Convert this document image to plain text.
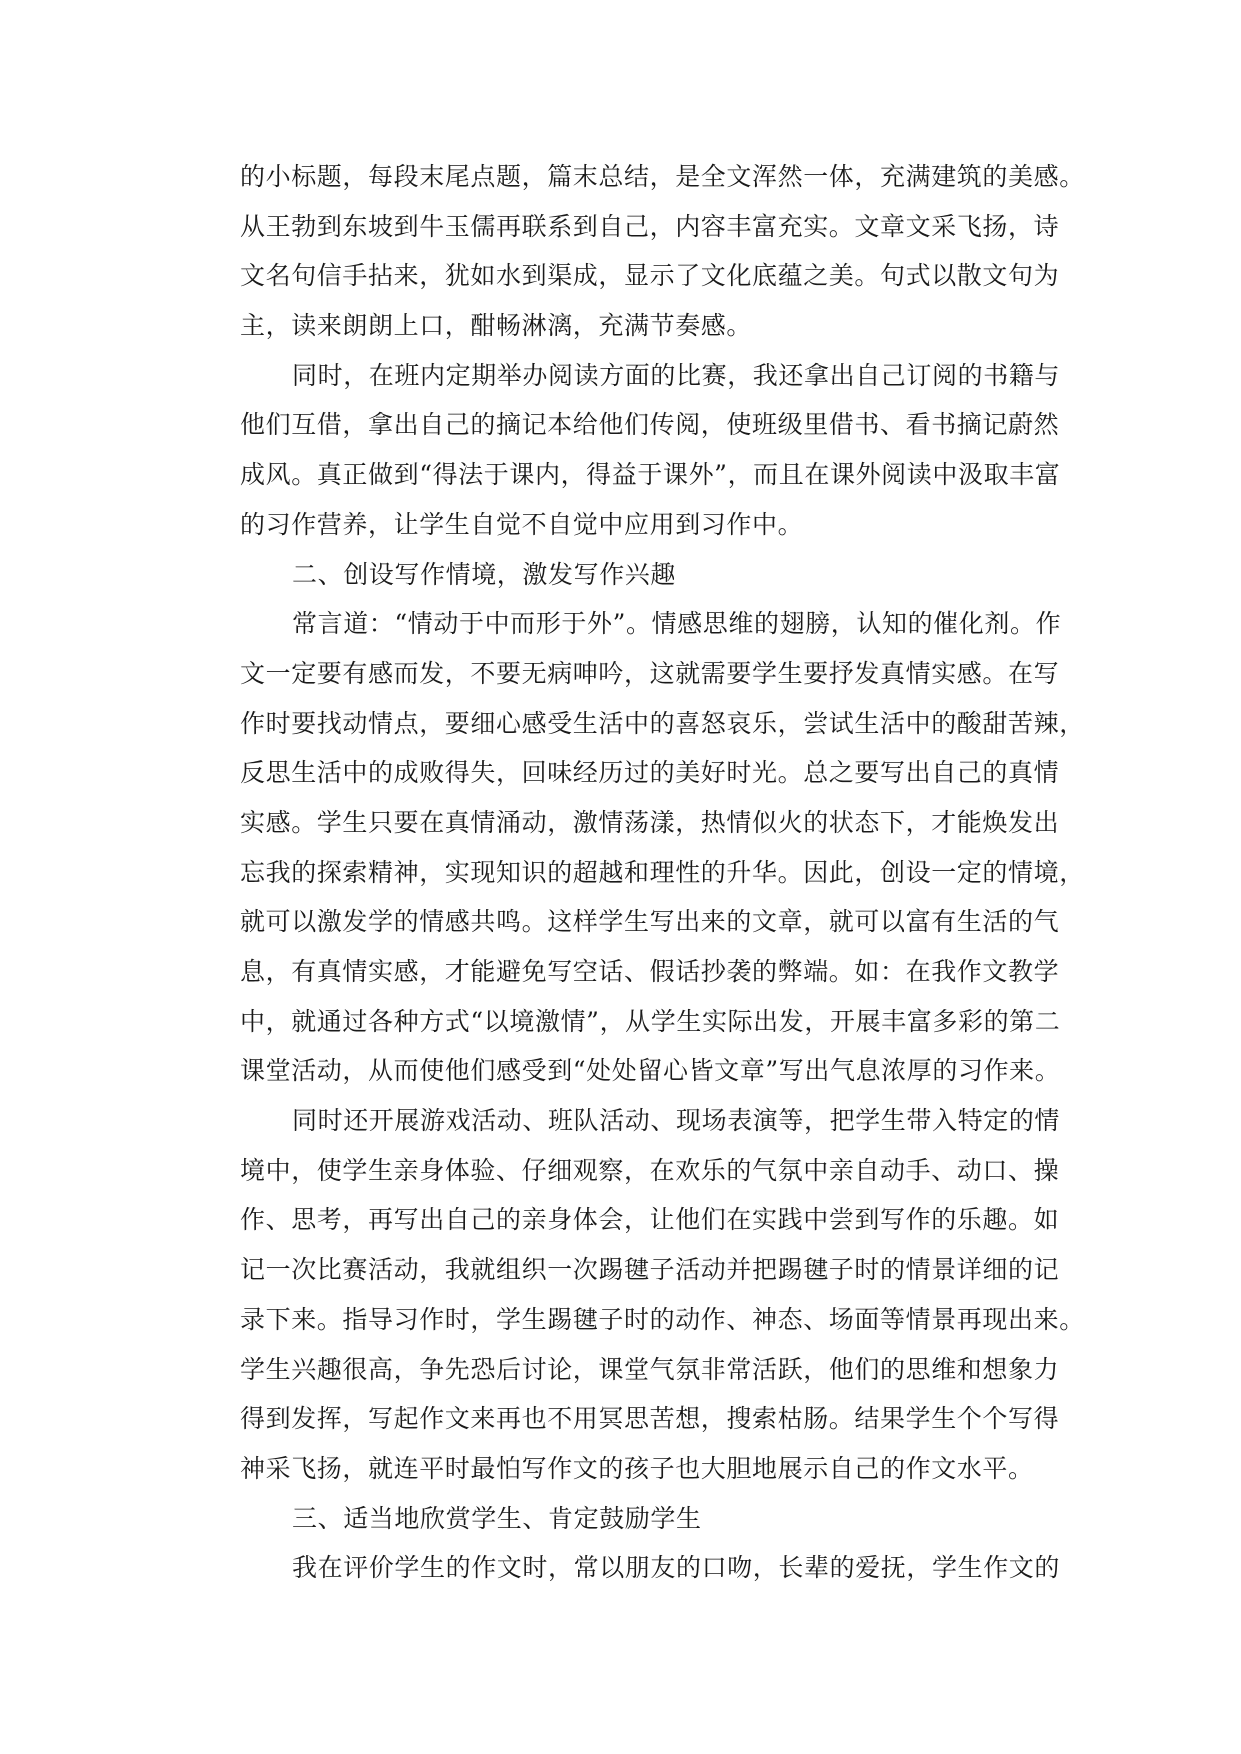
的小标题，每段末尾点题，篇末总结，是全文浑然一体，充满建筑的美感。
从王勃到东坡到牛玉儒再联系到自己，内容丰富充实。文章文采飞扬，诗
文名句信手拈来，犹如水到渠成，显示了文化底蕴之美。句式以散文句为
主，读来朗朗上口，酣畅淋漓，充满节奏感。
同时，在班内定期举办阅读方面的比赛，我还拿出自己订阅的书籍与
他们互借，拿出自己的摘记本给他们传阅，使班级里借书、看书摘记蔚然
成风。真正做到“得法于课内，得益于课外”，而且在课外阅读中汲取丰富
的习作营养，让学生自觉不自觉中应用到习作中。
二、创设写作情境，激发写作兴趣
常言道：“情动于中而形于外”。情感思维的翅膀，认知的催化剂。作
文一定要有感而发，不要无病呻吟，这就需要学生要抒发真情实感。在写
作时要找动情点，要细心感受生活中的喜怒哀乐，尝试生活中的酸甜苦辣，
反思生活中的成败得失，回味经历过的美好时光。总之要写出自己的真情
实感。学生只要在真情涌动，激情荡漾，热情似火的状态下，才能焕发出
忘我的探索精神，实现知识的超越和理性的升华。因此，创设一定的情境，
就可以激发学的情感共鸣。这样学生写出来的文章，就可以富有生活的气
息，有真情实感，才能避免写空话、假话抄袭的弊端。如：在我作文教学
中，就通过各种方式“以境激情”，从学生实际出发，开展丰富多彩的第二
课堂活动，从而使他们感受到“处处留心皆文章”写出气息浓厚的习作来。
同时还开展游戏活动、班队活动、现场表演等，把学生带入特定的情
境中，使学生亲身体验、仔细观察，在欢乐的气氛中亲自动手、动口、操
作、思考，再写出自己的亲身体会，让他们在实践中尝到写作的乐趣。如
记一次比赛活动，我就组织一次踢毽子活动并把踢毽子时的情景详细的记
录下来。指导习作时，学生踢毽子时的动作、神态、场面等情景再现出来。
学生兴趣很高，争先恐后讨论，课堂气氛非常活跃，他们的思维和想象力
得到发挥，写起作文来再也不用冥思苦想，搜索枯肠。结果学生个个写得
神采飞扬，就连平时最怕写作文的孩子也大胆地展示自己的作文水平。
三、适当地欣赏学生、肯定鼓励学生
我在评价学生的作文时，常以朋友的口吻，长辈的爱抚，学生作文的
